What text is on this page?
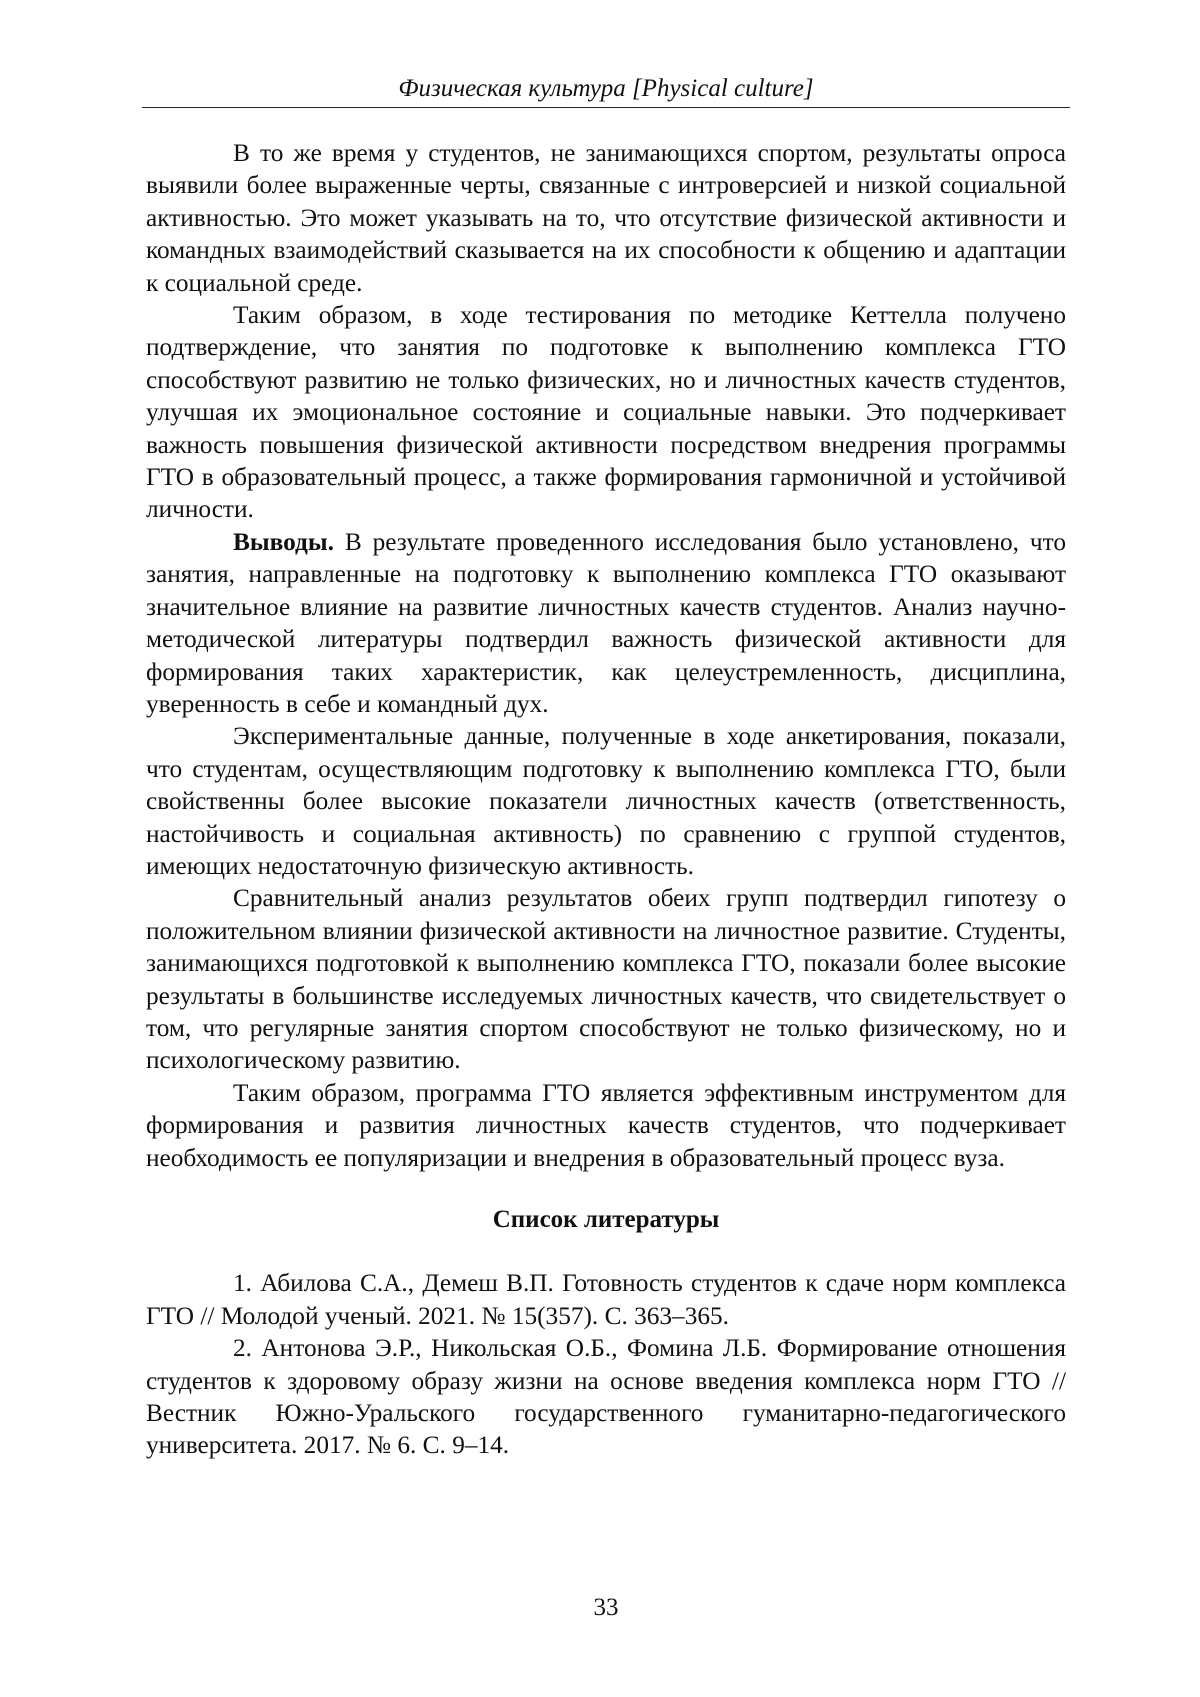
Физическая культура [Physical culture]

В то же время у студентов, не занимающихся спортом, результаты опроса выявили более выраженные черты, связанные с интроверсией и низкой социальной активностью. Это может указывать на то, что отсутствие физической активности и командных взаимодействий сказывается на их способности к общению и адаптации к социальной среде.

Таким образом, в ходе тестирования по методике Кеттелла получено подтверждение, что занятия по подготовке к выполнению комплекса ГТО способствуют развитию не только физических, но и личностных качеств студентов, улучшая их эмоциональное состояние и социальные навыки. Это подчеркивает важность повышения физической активности посредством внедрения программы ГТО в образовательный процесс, а также формирования гармоничной и устойчивой личности.

Выводы. В результате проведенного исследования было установлено, что занятия, направленные на подготовку к выполнению комплекса ГТО оказывают значительное влияние на развитие личностных качеств студентов. Анализ научно-методической литературы подтвердил важность физической активности для формирования таких характеристик, как целеустремленность, дисциплина, уверенность в себе и командный дух.

Экспериментальные данные, полученные в ходе анкетирования, показали, что студентам, осуществляющим подготовку к выполнению комплекса ГТО, были свойственны более высокие показатели личностных качеств (ответственность, настойчивость и социальная активность) по сравнению с группой студентов, имеющих недостаточную физическую активность.

Сравнительный анализ результатов обеих групп подтвердил гипотезу о положительном влиянии физической активности на личностное развитие. Студенты, занимающихся подготовкой к выполнению комплекса ГТО, показали более высокие результаты в большинстве исследуемых личностных качеств, что свидетельствует о том, что регулярные занятия спортом способствуют не только физическому, но и психологическому развитию.

Таким образом, программа ГТО является эффективным инструментом для формирования и развития личностных качеств студентов, что подчеркивает необходимость ее популяризации и внедрения в образовательный процесс вуза.

Список литературы

1. Абилова С.А., Демеш В.П. Готовность студентов к сдаче норм комплекса ГТО // Молодой ученый. 2021. № 15(357). С. 363–365.

2. Антонова Э.Р., Никольская О.Б., Фомина Л.Б. Формирование отношения студентов к здоровому образу жизни на основе введения комплекса норм ГТО // Вестник Южно-Уральского государственного гуманитарно-педагогического университета. 2017. № 6. С. 9–14.

33
